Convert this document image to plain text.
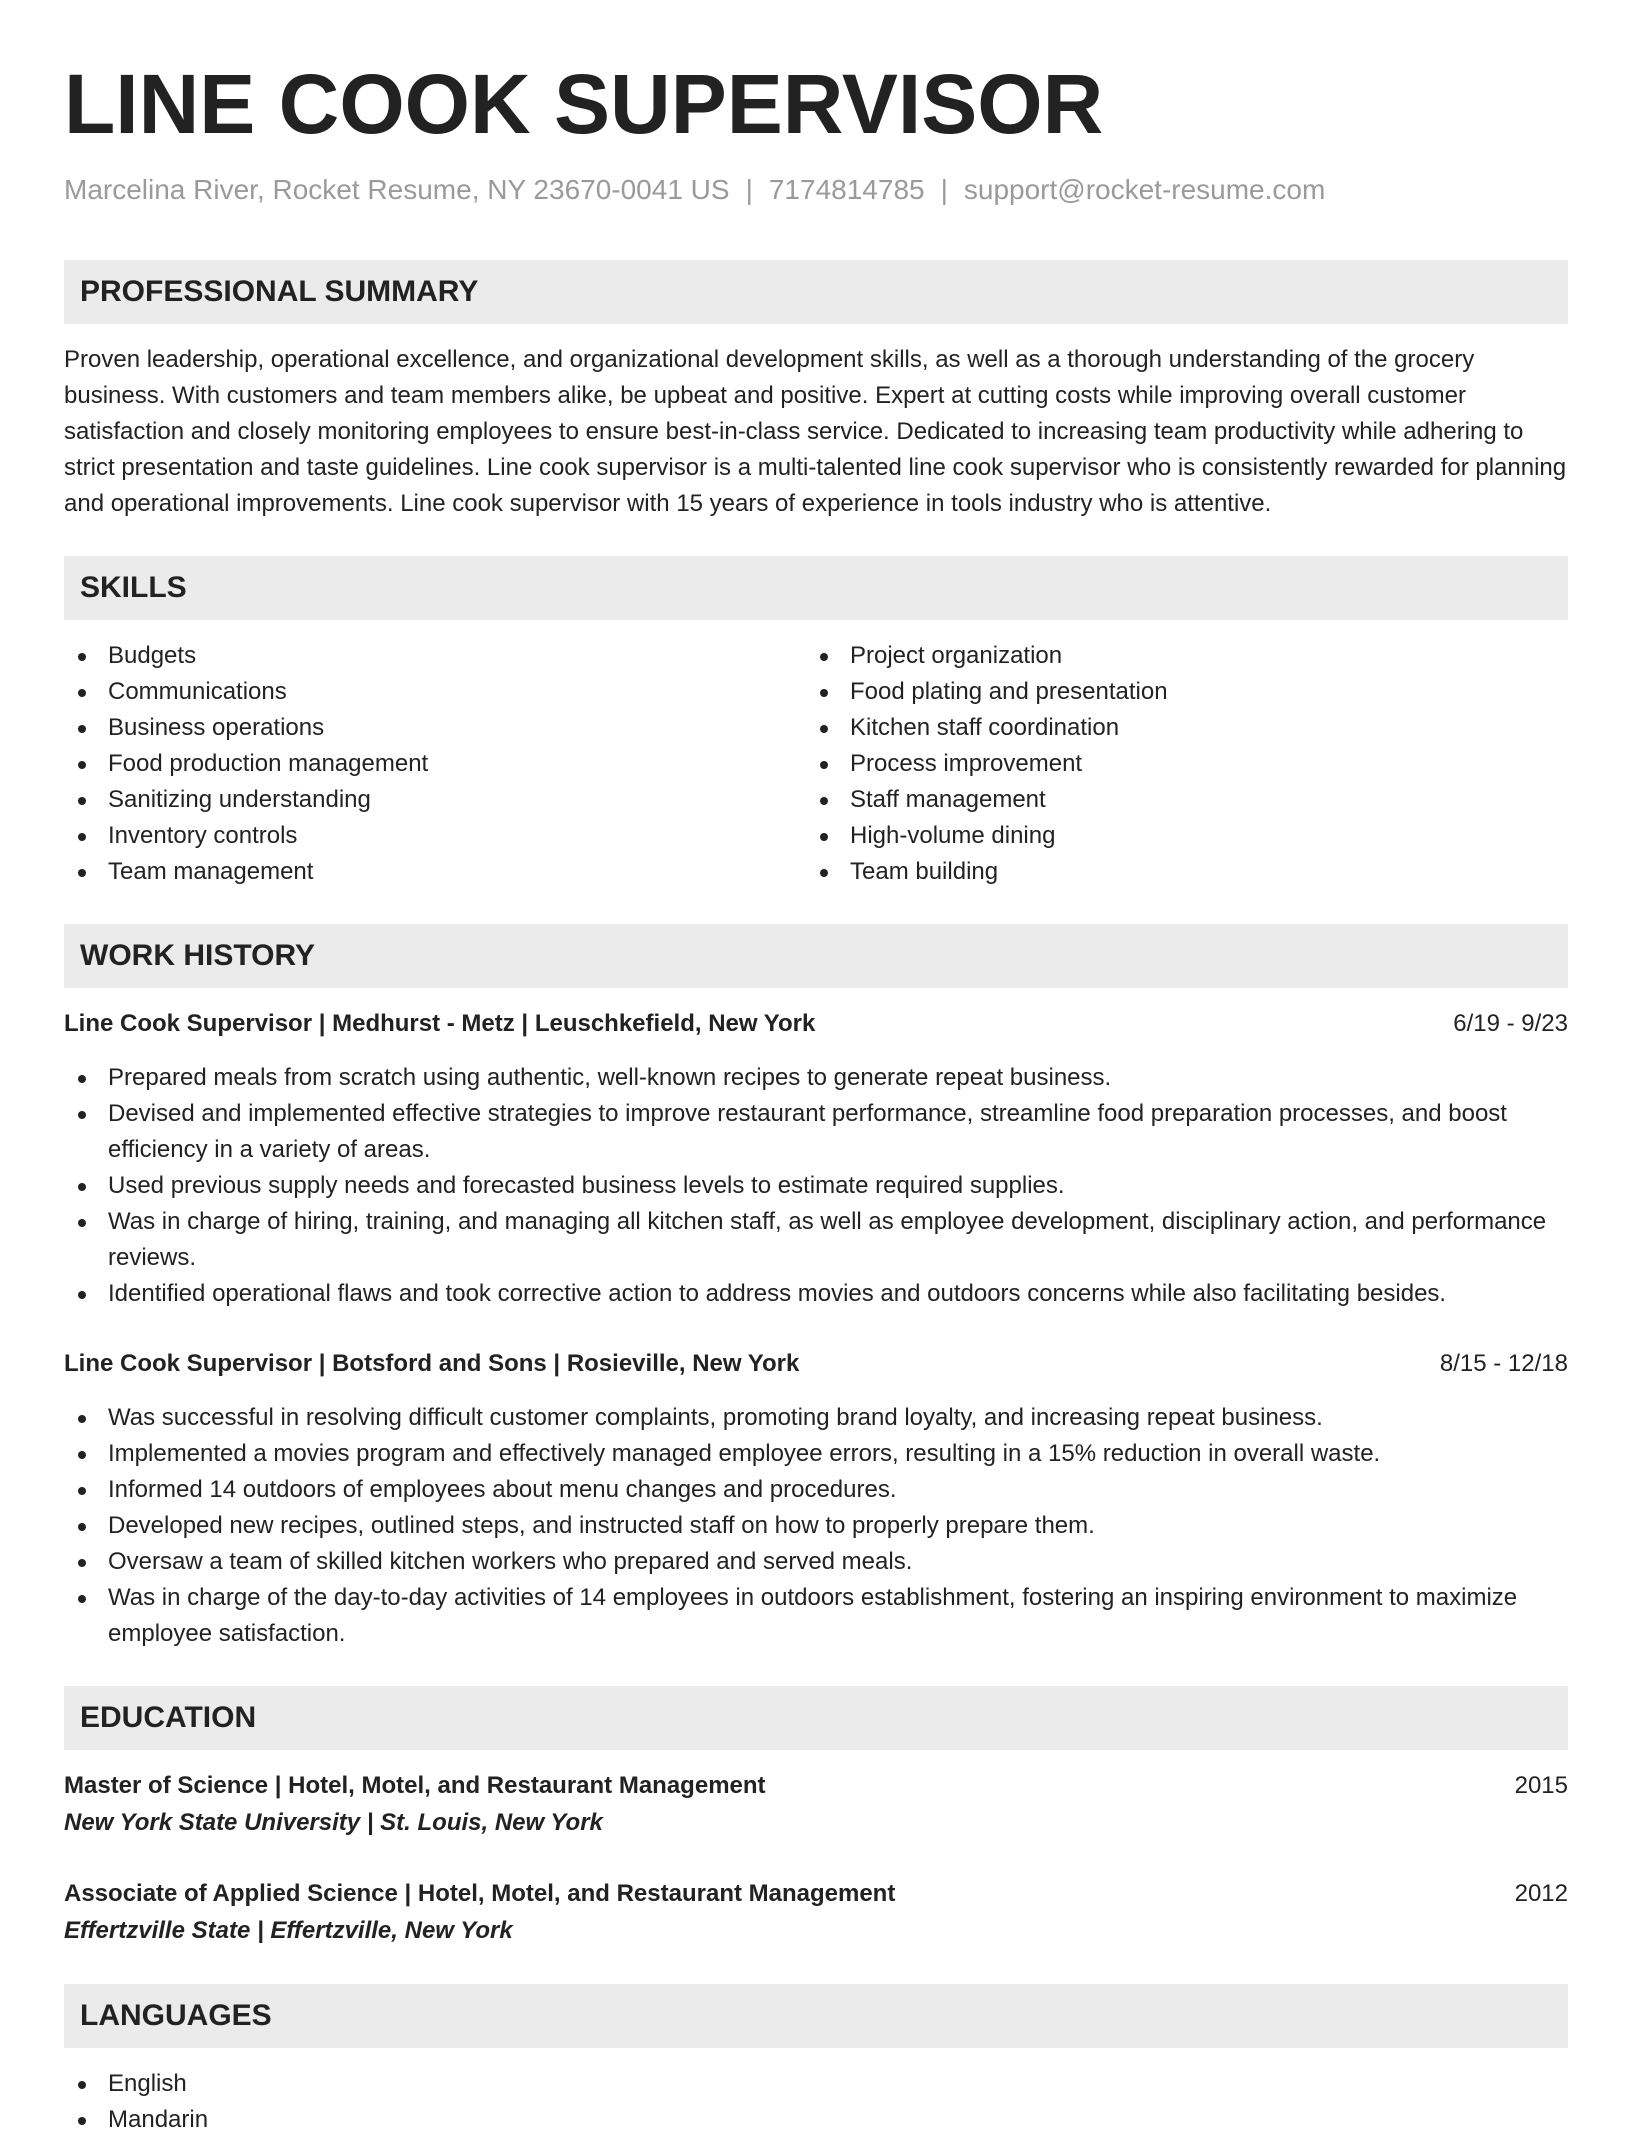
LINE COOK SUPERVISOR
Marcelina River, Rocket Resume, NY 23670-0041 US | 7174814785 | support@rocket-resume.com
PROFESSIONAL SUMMARY

Proven leadership, operational excellence, and organizational development skills, as well as a thorough understanding of the grocery business. With customers and team members alike, be upbeat and positive. Expert at cutting costs while improving overall customer satisfaction and closely monitoring employees to ensure best-in-class service. Dedicated to increasing team productivity while adhering to strict presentation and taste guidelines. Line cook supervisor is a multi-talented line cook supervisor who is consistently rewarded for planning and operational improvements. Line cook supervisor with 15 years of experience in tools industry who is attentive.

SKILLS
Budgets
Communications
Business operations
Food production management
Sanitizing understanding
Inventory controls
Team management
Project organization
Food plating and presentation
Kitchen staff coordination
Process improvement
Staff management
High-volume dining
Team building
WORK HISTORY
Line Cook Supervisor | Medhurst - Metz | Leuschkefield, New York	6/19 - 9/23
Prepared meals from scratch using authentic, well-known recipes to generate repeat business.
Devised and implemented effective strategies to improve restaurant performance, streamline food preparation processes, and boost efficiency in a variety of areas.
Used previous supply needs and forecasted business levels to estimate required supplies.
Was in charge of hiring, training, and managing all kitchen staff, as well as employee development, disciplinary action, and performance reviews.
Identified operational flaws and took corrective action to address movies and outdoors concerns while also facilitating besides.
Line Cook Supervisor | Botsford and Sons | Rosieville, New York	8/15 - 12/18
Was successful in resolving difficult customer complaints, promoting brand loyalty, and increasing repeat business.
Implemented a movies program and effectively managed employee errors, resulting in a 15% reduction in overall waste.
Informed 14 outdoors of employees about menu changes and procedures.
Developed new recipes, outlined steps, and instructed staff on how to properly prepare them.
Oversaw a team of skilled kitchen workers who prepared and served meals.
Was in charge of the day-to-day activities of 14 employees in outdoors establishment, fostering an inspiring environment to maximize employee satisfaction.
EDUCATION
Master of Science | Hotel, Motel, and Restaurant Management	2015
New York State University | St. Louis, New York
Associate of Applied Science | Hotel, Motel, and Restaurant Management	2012
Effertzville State | Effertzville, New York
LANGUAGES
English
Mandarin
